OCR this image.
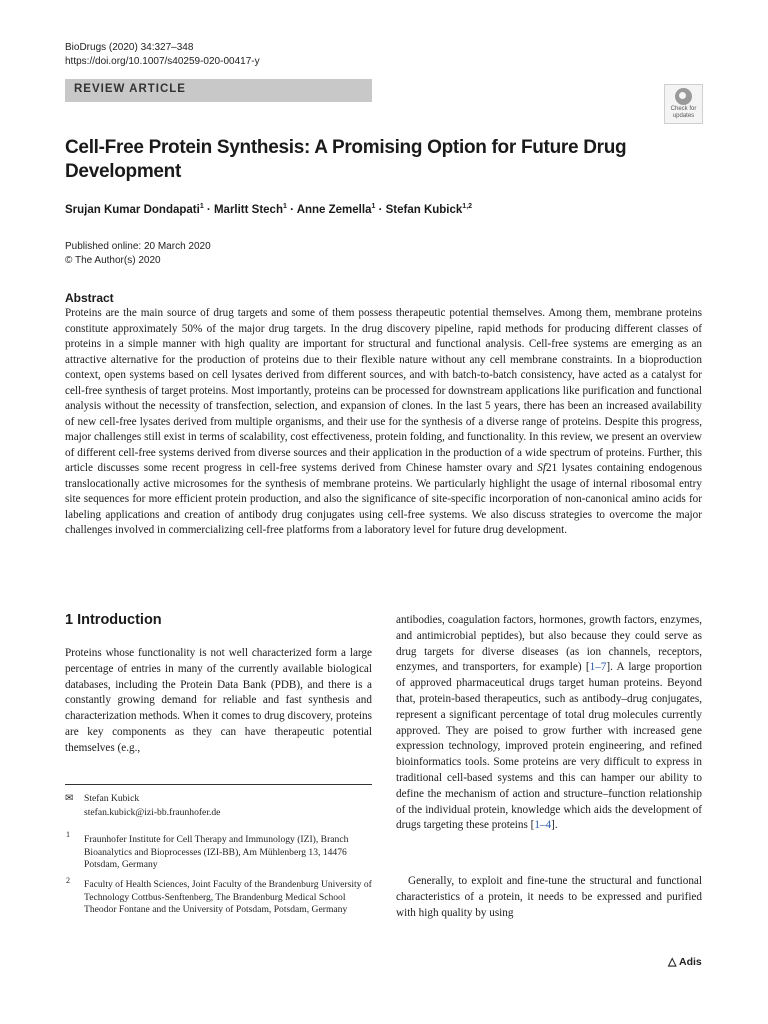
BioDrugs (2020) 34:327–348
https://doi.org/10.1007/s40259-020-00417-y
REVIEW ARTICLE
Check for
updates
Cell-Free Protein Synthesis: A Promising Option for Future Drug Development
Srujan Kumar Dondapati$^1$ · Marlitt Stech$^1$ · Anne Zemella$^1$ · Stefan Kubick$^{1,2}$
Published online: 20 March 2020
© The Author(s) 2020
Abstract

Proteins are the main source of drug targets and some of them possess therapeutic potential themselves. Among them, membrane proteins constitute approximately 50% of the major drug targets. In the drug discovery pipeline, rapid methods for producing different classes of proteins in a simple manner with high quality are important for structural and functional analysis. Cell-free systems are emerging as an attractive alternative for the production of proteins due to their flexible nature without any cell membrane constraints. In a bioproduction context, open systems based on cell lysates derived from different sources, and with batch-to-batch consistency, have acted as a catalyst for cell-free synthesis of target proteins. Most importantly, proteins can be processed for downstream applications like purification and functional analysis without the necessity of transfection, selection, and expansion of clones. In the last 5 years, there has been an increased availability of new cell-free lysates derived from multiple organisms, and their use for the synthesis of a diverse range of proteins. Despite this progress, major challenges still exist in terms of scalability, cost effectiveness, protein folding, and functionality. In this review, we present an overview of different cell-free systems derived from diverse sources and their application in the production of a wide spectrum of proteins. Further, this article discusses some recent progress in cell-free systems derived from Chinese hamster ovary and Sf21 lysates containing endogenous translocationally active microsomes for the synthesis of membrane proteins. We particularly highlight the usage of internal ribosomal entry site sequences for more efficient protein production, and also the significance of site-specific incorporation of non-canonical amino acids for labeling applications and creation of antibody drug conjugates using cell-free systems. We also discuss strategies to overcome the major challenges involved in commercializing cell-free platforms from a laboratory level for future drug development.

1 Introduction

Proteins whose functionality is not well characterized form a large percentage of entries in many of the currently available biological databases, including the Protein Data Bank (PDB), and there is a constantly growing demand for reliable and fast synthesis and characterization methods. When it comes to drug discovery, proteins are key components as they can have therapeutic potential themselves (e.g.,

antibodies, coagulation factors, hormones, growth factors, enzymes, and antimicrobial peptides), but also because they could serve as drug targets for diverse diseases (as ion channels, receptors, enzymes, and transporters, for example) [1–7]. A large proportion of approved pharmaceutical drugs target human proteins. Beyond that, protein-based therapeutics, such as antibody–drug conjugates, represent a significant percentage of total drug molecules currently approved. They are poised to grow further with increased gene expression technology, improved protein engineering, and refined bioinformatics tools. Some proteins are very difficult to express in traditional cell-based systems and this can hamper our ability to define the mechanism of action and structure–function relationship of the individual protein, knowledge which aids the development of drugs targeting these proteins [1–4].

Generally, to exploit and fine-tune the structural and functional characteristics of a protein, it needs to be expressed and purified with high quality by using

✉ Stefan Kubick
stefan.kubick@izi-bb.fraunhofer.de
1 Fraunhofer Institute for Cell Therapy and Immunology (IZI), Branch Bioanalytics and Bioprocesses (IZI-BB), Am Mühlenberg 13, 14476 Potsdam, Germany
2 Faculty of Health Sciences, Joint Faculty of the Brandenburg University of Technology Cottbus-Senftenberg, The Brandenburg Medical School Theodor Fontane and the University of Potsdam, Potsdam, Germany
△ Adis
